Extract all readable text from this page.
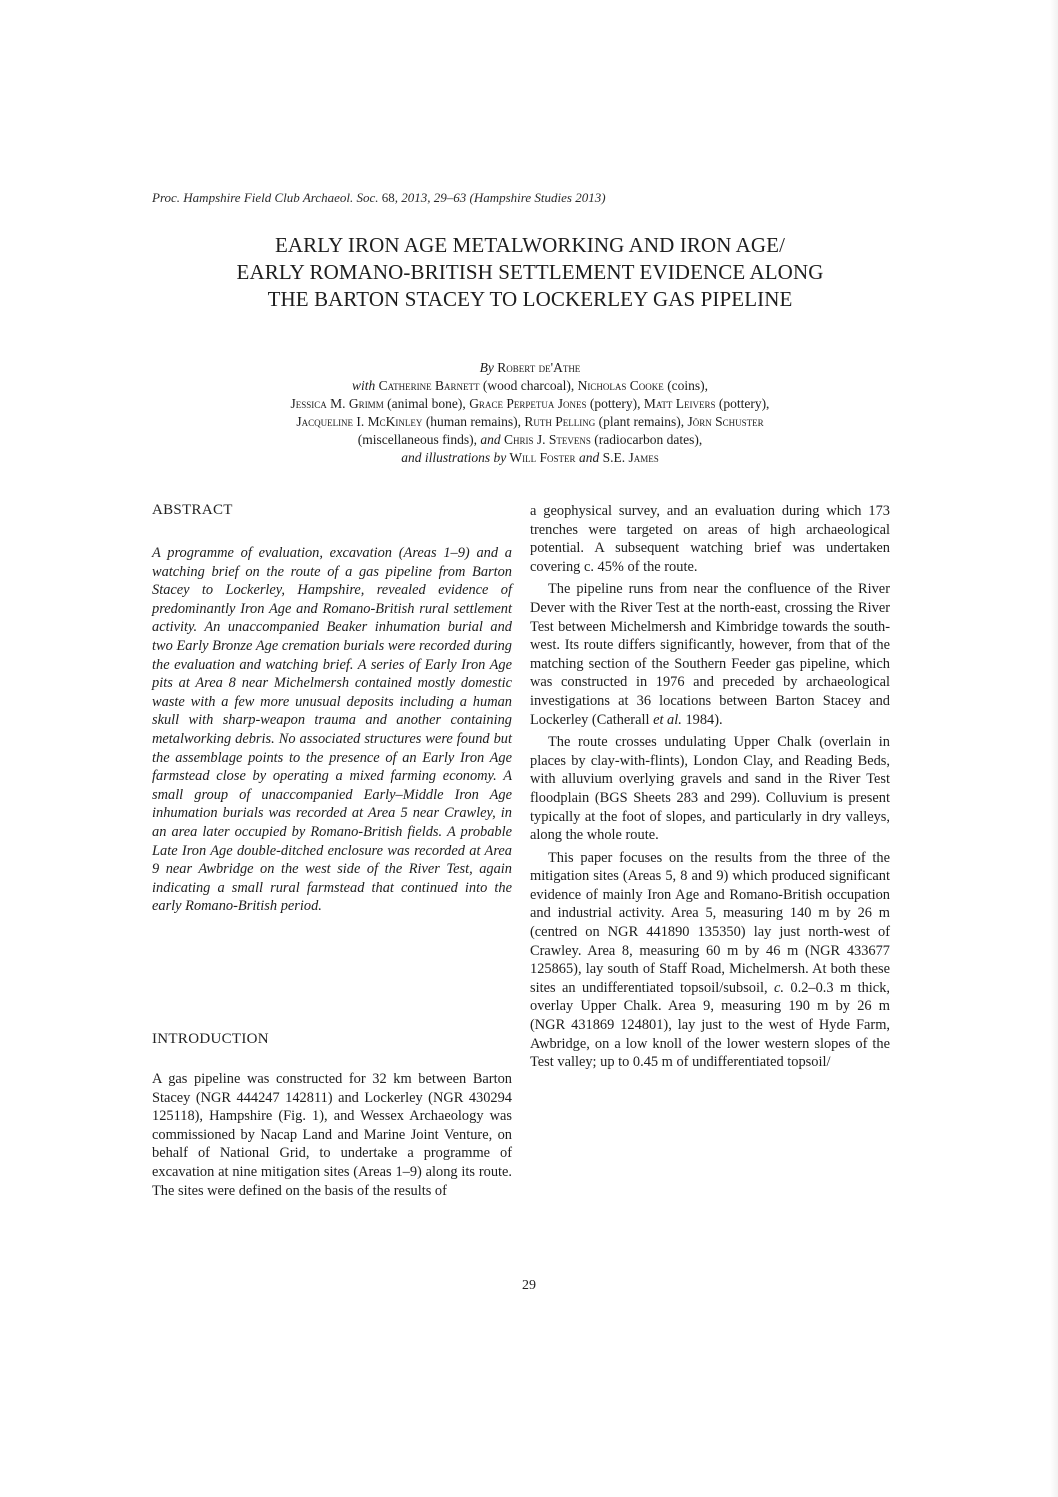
Proc. Hampshire Field Club Archaeol. Soc. 68, 2013, 29–63 (Hampshire Studies 2013)
EARLY IRON AGE METALWORKING AND IRON AGE/
EARLY ROMANO-BRITISH SETTLEMENT EVIDENCE ALONG
THE BARTON STACEY TO LOCKERLEY GAS PIPELINE
By Robert de'Athe
with Catherine Barnett (wood charcoal), Nicholas Cooke (coins),
Jessica M. Grimm (animal bone), Grace Perpetua Jones (pottery), Matt Leivers (pottery),
Jacqueline I. McKinley (human remains), Ruth Pelling (plant remains), Jörn Schuster
(miscellaneous finds), and Chris J. Stevens (radiocarbon dates),
and illustrations by Will Foster and S.E. James
ABSTRACT

A programme of evaluation, excavation (Areas 1–9) and a watching brief on the route of a gas pipeline from Barton Stacey to Lockerley, Hampshire, revealed evidence of predominantly Iron Age and Romano-British rural settlement activity. An unaccompanied Beaker inhumation burial and two Early Bronze Age cremation burials were recorded during the evaluation and watching brief. A series of Early Iron Age pits at Area 8 near Michelmersh contained mostly domestic waste with a few more unusual deposits including a human skull with sharp-weapon trauma and another containing metalworking debris. No associated structures were found but the assemblage points to the presence of an Early Iron Age farmstead close by operating a mixed farming economy. A small group of unaccompanied Early–Middle Iron Age inhumation burials was recorded at Area 5 near Crawley, in an area later occupied by Romano-British fields. A probable Late Iron Age double-ditched enclosure was recorded at Area 9 near Awbridge on the west side of the River Test, again indicating a small rural farmstead that continued into the early Romano-British period.

INTRODUCTION

A gas pipeline was constructed for 32 km between Barton Stacey (NGR 444247 142811) and Lockerley (NGR 430294 125118), Hampshire (Fig. 1), and Wessex Archaeology was commissioned by Nacap Land and Marine Joint Venture, on behalf of National Grid, to undertake a programme of excavation at nine mitigation sites (Areas 1–9) along its route. The sites were defined on the basis of the results of

a geophysical survey, and an evaluation during which 173 trenches were targeted on areas of high archaeological potential. A subsequent watching brief was undertaken covering c. 45% of the route.

The pipeline runs from near the confluence of the River Dever with the River Test at the north-east, crossing the River Test between Michelmersh and Kimbridge towards the south-west. Its route differs significantly, however, from that of the matching section of the Southern Feeder gas pipeline, which was constructed in 1976 and preceded by archaeological investigations at 36 locations between Barton Stacey and Lockerley (Catherall et al. 1984).

The route crosses undulating Upper Chalk (overlain in places by clay-with-flints), London Clay, and Reading Beds, with alluvium overlying gravels and sand in the River Test floodplain (BGS Sheets 283 and 299). Colluvium is present typically at the foot of slopes, and particularly in dry valleys, along the whole route.

This paper focuses on the results from the three of the mitigation sites (Areas 5, 8 and 9) which produced significant evidence of mainly Iron Age and Romano-British occupation and industrial activity. Area 5, measuring 140 m by 26 m (centred on NGR 441890 135350) lay just north-west of Crawley. Area 8, measuring 60 m by 46 m (NGR 433677 125865), lay south of Staff Road, Michelmersh. At both these sites an undifferentiated topsoil/subsoil, c. 0.2–0.3 m thick, overlay Upper Chalk. Area 9, measuring 190 m by 26 m (NGR 431869 124801), lay just to the west of Hyde Farm, Awbridge, on a low knoll of the lower western slopes of the Test valley; up to 0.45 m of undifferentiated topsoil/

29
